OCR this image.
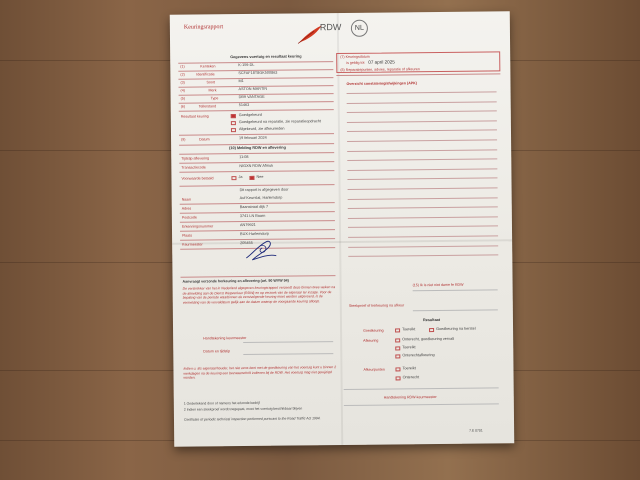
Keuringsrapport	RDW	NL
Gegevens voertuig en resultaat keuring
(1)	Kenteken	K-159-DL
(2)	Identificatie	SCFAF18T8GK500863
(3)	Soort	M1
(4)	Merk	ASTON MARTIN
(5)	Type	DB9 VANTAGE
(6)	Tellerstand	51463
Resultaat keuring	Goedgekeurd
Goedgekeurd na reparatie, zie reparatieopdracht
Afgekeurd, zie afkeurreden
(9)	Datum	19 februari 2024
(10) Melding RDW en aflevering
Tijdstip aflevering	11:08
Transactiecode	NIGXN RDW Afmuk
Voorwaarde betaald	Ja	Nee
Dit rapport is afgegeven door
Naam	Auf Keurslat, Harlemdorp
Adres	Baanstraat dijk 7
Postcode	3741 LN Baarn
Erkenningsnummer	AN79921
Plaats	BUX-Harlemdorp
Keurmeester	205455
Aanvraagt verzonde herkeuring en aflevering (art. 90 WVW 94)
De verstrekker van het in Nederland afgegeven keuringsrapport verzendt deze binnen twee weken na de afmelding aan de Dienst Wegverkeer (RDW) en op verzoek van de eigenaar ter inzage. Voor de bepaling van de periode waarbinnen de eerstvolgende keuring moet worden uitgevoerd, is de vermelding van de vervaldatum gelijk aan de datum waarop de voorgaande keuring afloopt.
Handtekening keurmeester
Datum en tijdstip
Indien u, als eigenaar/houder, het niet eens bent met de goedkeuring van het voertuig kunt u binnen 2 werkdagen na de keuring een bezwaarschrift indienen bij de RDW. Het voertuig mag niet gewijzigd worden.
1 Ondertekend door of namens het erkende bedrijf
2 Indien een steekproef wordt toegepast, moet het voertuig beschikbaar blijven
Certificate of periodic technical inspection performed pursuant to the Road Traffic Act 1994.
7.E 0701
(7) Keuringsdatum
is geldig tot 07 april 2025
(8) Reparatiepunten, advies, reparatie of afkeuren
Overzicht constatering/afwijkingen (APK)
(15) Ik is niet niet dame fe RDW
Steekproef of herkeuring na afkeur
Resultaat
Goedkeuring	Toereikt	Goedkeuring na herstel
Afkeuring	Onterecht, goedkeuring vervalt
Toereikt
Onterechtafkeuring
Afkeurpunten	Toereikt
Onterecht
Handtekening RDW-keurmeester
